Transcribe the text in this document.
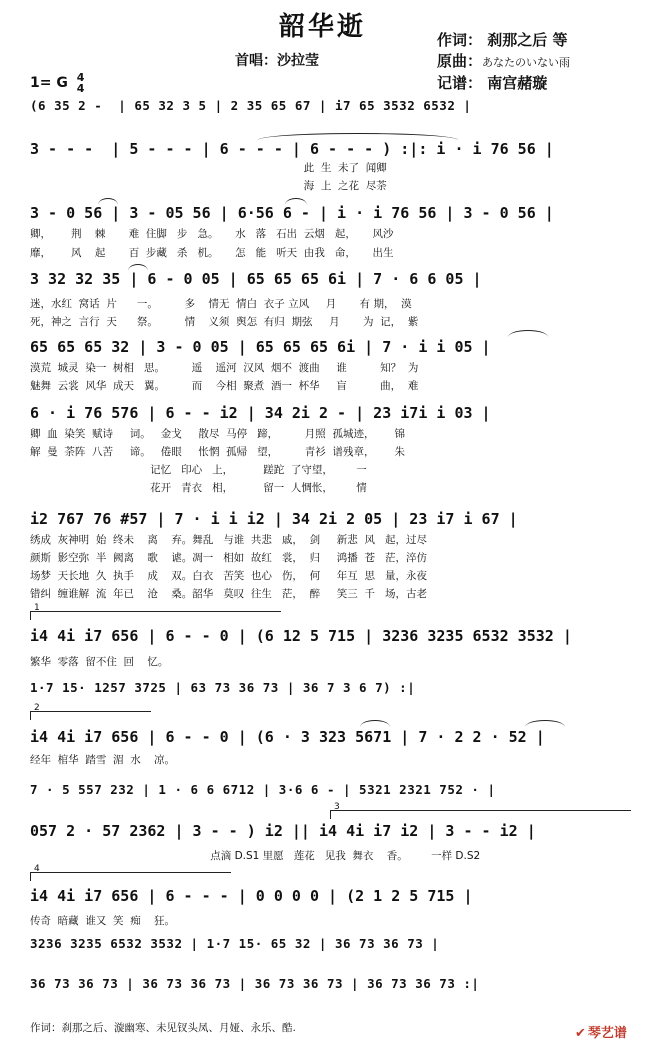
韶华逝
首唱：沙拉莹
作词： 刹那之后 等
原曲：あなたのいない雨
记谱： 南宫赭璇
1= G 4
4
(6 35 2 -  | 65 32 3 5 | 2 35 65 67 | i7 65 3532 6532 |
3 - - -  | 5 - - - | 6 - - - | 6 - - - ) :|: i · i 76 56 |
3 - 0 56 | 3 - 05 56 | 6·56 6 - | i · i 76 56 | 3 - 0 56 |
3 32 32 35 | 6 - 0 05 | 65 65 65 6i | 7 · 6 6 05 |
65 65 65 32 | 3 - 0 05 | 65 65 65 6i | 7 · i i 05 |
6 · i 76 576 | 6 - - i2 | 34 2i 2 - | 23 i7i i 03 |
i2 767 76 #57 | 7 · i i i2 | 34 2i 2 05 | 23 i7 i 67 |
i4 4i i7 656 | 6 - - 0 | (6 12 5 715 | 3236 3235 6532 3532 |
1·7 15· 1257 3725 | 63 73 36 73 | 36 7 3 6 7) :|
i4 4i i7 656 | 6 - - 0 | (6 · 3 323 5671 | 7 · 2 2 · 52 |
7 · 5 557 232 | 1 · 6 6 6712 | 3·6 6 - | 5321 2321 752 · |
057 2 · 57 2362 | 3 - - ) i2 || i4 4i i7 i2 | 3 - - i2 |
i4 4i i7 656 | 6 - - - | 0 0 0 0 | (2 1 2 5 715 |
3236 3235 6532 3532 | 1·7 15· 65 32 | 36 73 36 73 |
36 73 36 73 | 36 73 36 73 | 36 73 36 73 | 36 73 36 73 :|
此  生  未了  闻卿
海  上  之花  尽荼
卿，      荆    棘       难  住脚   步   急。     水   落   石出  云烟   起，     风沙
靡，      风    起       百  步藏   杀   机。     怎   能   听天  由我   命，     出生
迷，水红  窝话  片      一。        多    情无  情白  衣子 立风     月       有 期，  漠
死，神之  言行  天      祭。        情    义须  舆怎  有归  期弦     月       为  记，  紫
漠荒  城灵  染一  树相   思。        遥    遥河  汉风  烟不  渡曲     谁          知？  为
魅舞  云裳  风华  成天   翼。        而    今相  聚煮  酒一  杯华     盲          曲，  难
卿  血  染笑  赋诗     词。   金戈     散尽  马停   蹄，        月照  孤城迹，      锦
解  曼  荼阵  八苦     谛。   倦眼     怅惘  孤帰   望，        青衫  谱残章，      朱
记忆   印心   上，         蹉跎  了守望，       一
花开   青衣   相，         留一  人惆怅，       情
绣成  灰神明  始  终未    离    弃。舞乱   与谁  共悲   戚，  剑     新悲  风   起，过尽
颜斯  影空弥  半  阙离    歌    谑。凋一   相如  故红   裳，  归     鸿播  苍   茫，淬仿
场梦  天长地  久  执手    成    双。白衣   苦笑  也心   伤，  何     年互  思   量，永夜
错纠  缠谁解  流  年已    沧    桑。韶华   莫叹  往生   茫，  醉     笑三  千   场，古老
繁华  零落  留不住  回    忆。
经年  棺华  踏雪  湄  水    凉。
点滴 D.S1 里愿   莲花   见我  舞衣    香。       一样 D.S2
传奇  暗藏  谁又  笑  痴    狂。
1
2
3
4
作词：刹那之后、漩幽寒、未见钗头凤、月娅、永乐、酷.	✔ 琴艺谱
